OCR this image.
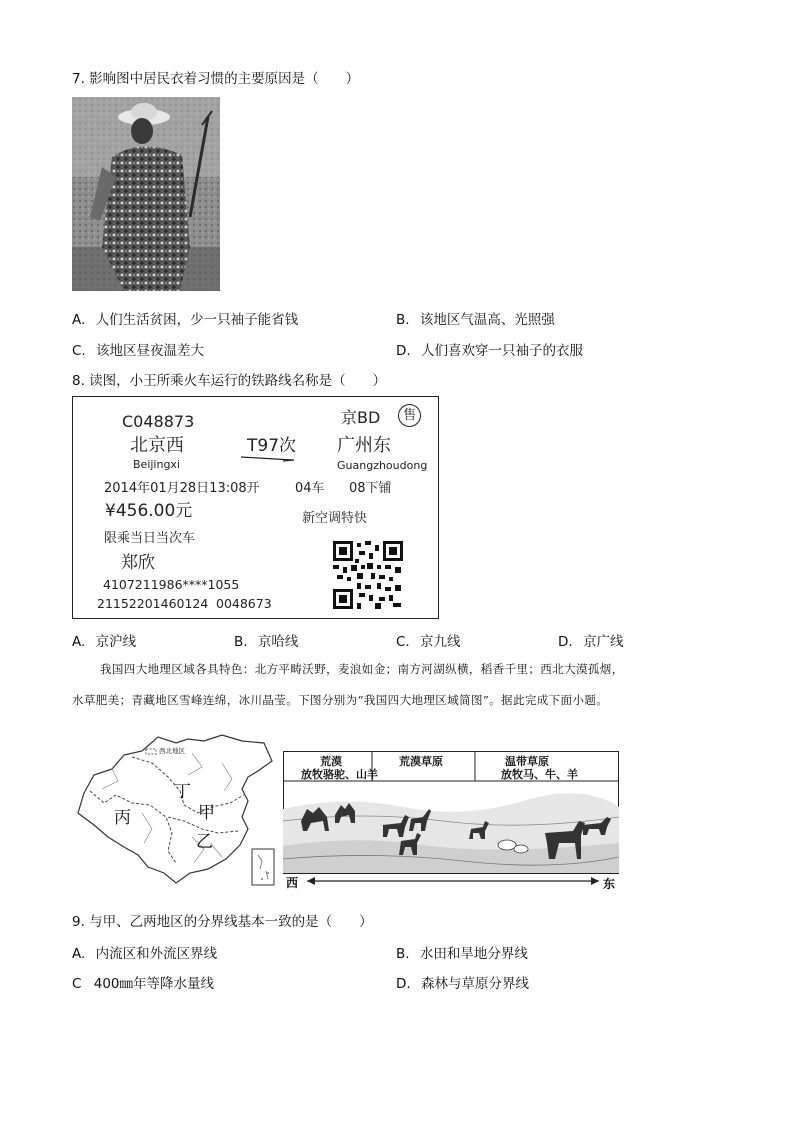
7. 影响图中居民衣着习惯的主要原因是（　　）
A. 人们生活贫困，少一只袖子能省钱	B. 该地区气温高、光照强
C. 该地区昼夜温差大	D. 人们喜欢穿一只袖子的衣服
8. 读图，小王所乘火车运行的铁路线名称是（　　）
C048873	京BD	售
北京西	T97次 广州东
Beijingxi	Guangzhoudong
2014年01月28日13:08开	04车 08下铺
¥456.00元	新空调特快
限乘当日当次车
郑欣
4107211986****1055
21152201460124 0048673
A. 京沪线	B. 京哈线	C. 京九线	D. 京广线
我国四大地理区域各具特色：北方平畴沃野，麦浪如金；南方河湖纵横，稻香千里；西北大漠孤烟，
水草肥美；青藏地区雪峰连绵，冰川晶莹。下图分别为“我国四大地理区域简图”。据此完成下面小题。
西北地区
丁
甲
丙
乙
荒漠
放牧骆驼、山羊
荒漠草原	温带草原
放牧马、牛、羊
西	东
9. 与甲、乙两地区的分界线基本一致的是（　　）
A. 内流区和外流区界线	B. 水田和旱地分界线
C 400㎜年等降水量线	D. 森林与草原分界线
